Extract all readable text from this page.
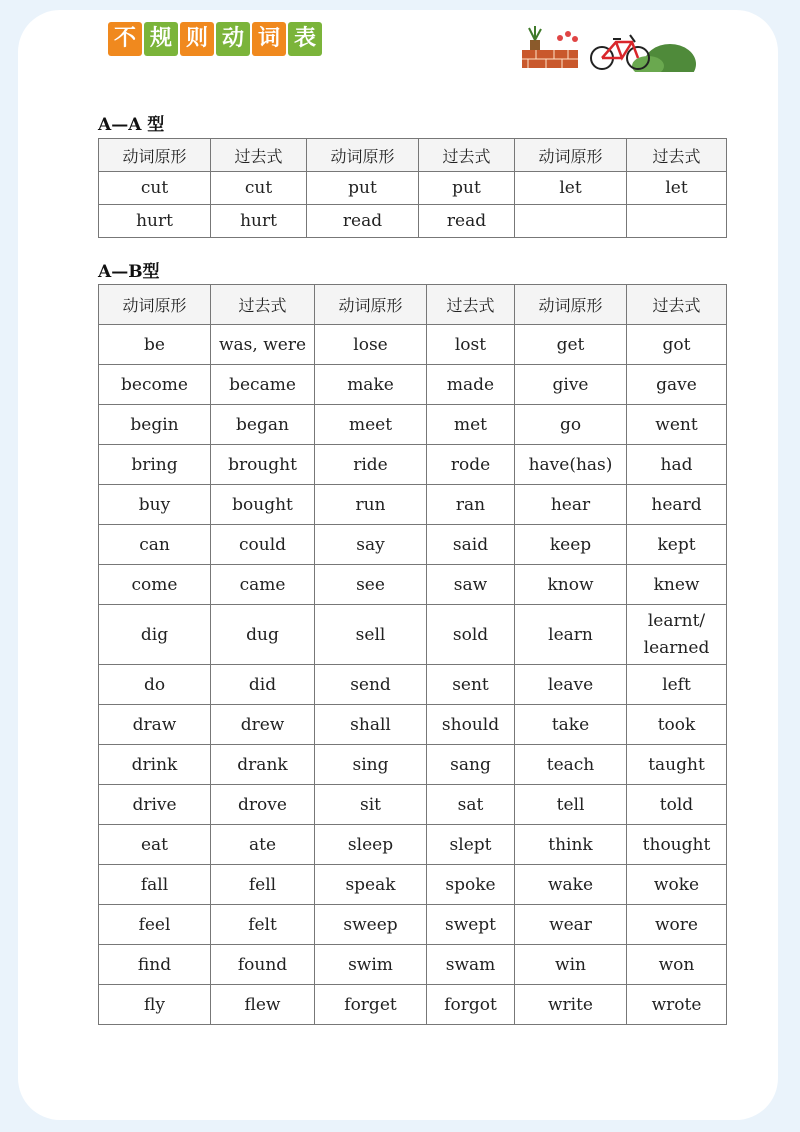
不 规 则 动 词 表
A—A 型
动词原形	过去式	动词原形	过去式	动词原形	过去式
cut	cut	put	put	let	let
hurt	hurt	read	read		
A—B型
动词原形	过去式	动词原形	过去式	动词原形	过去式
be	was, were	lose	lost	get	got
become	became	make	made	give	gave
begin	began	meet	met	go	went
bring	brought	ride	rode	have(has)	had
buy	bought	run	ran	hear	heard
can	could	say	said	keep	kept
come	came	see	saw	know	knew
dig	dug	sell	sold	learn	learnt/
learned
do	did	send	sent	leave	left
draw	drew	shall	should	take	took
drink	drank	sing	sang	teach	taught
drive	drove	sit	sat	tell	told
eat	ate	sleep	slept	think	thought
fall	fell	speak	spoke	wake	woke
feel	felt	sweep	swept	wear	wore
find	found	swim	swam	win	won
fly	flew	forget	forgot	write	wrote
